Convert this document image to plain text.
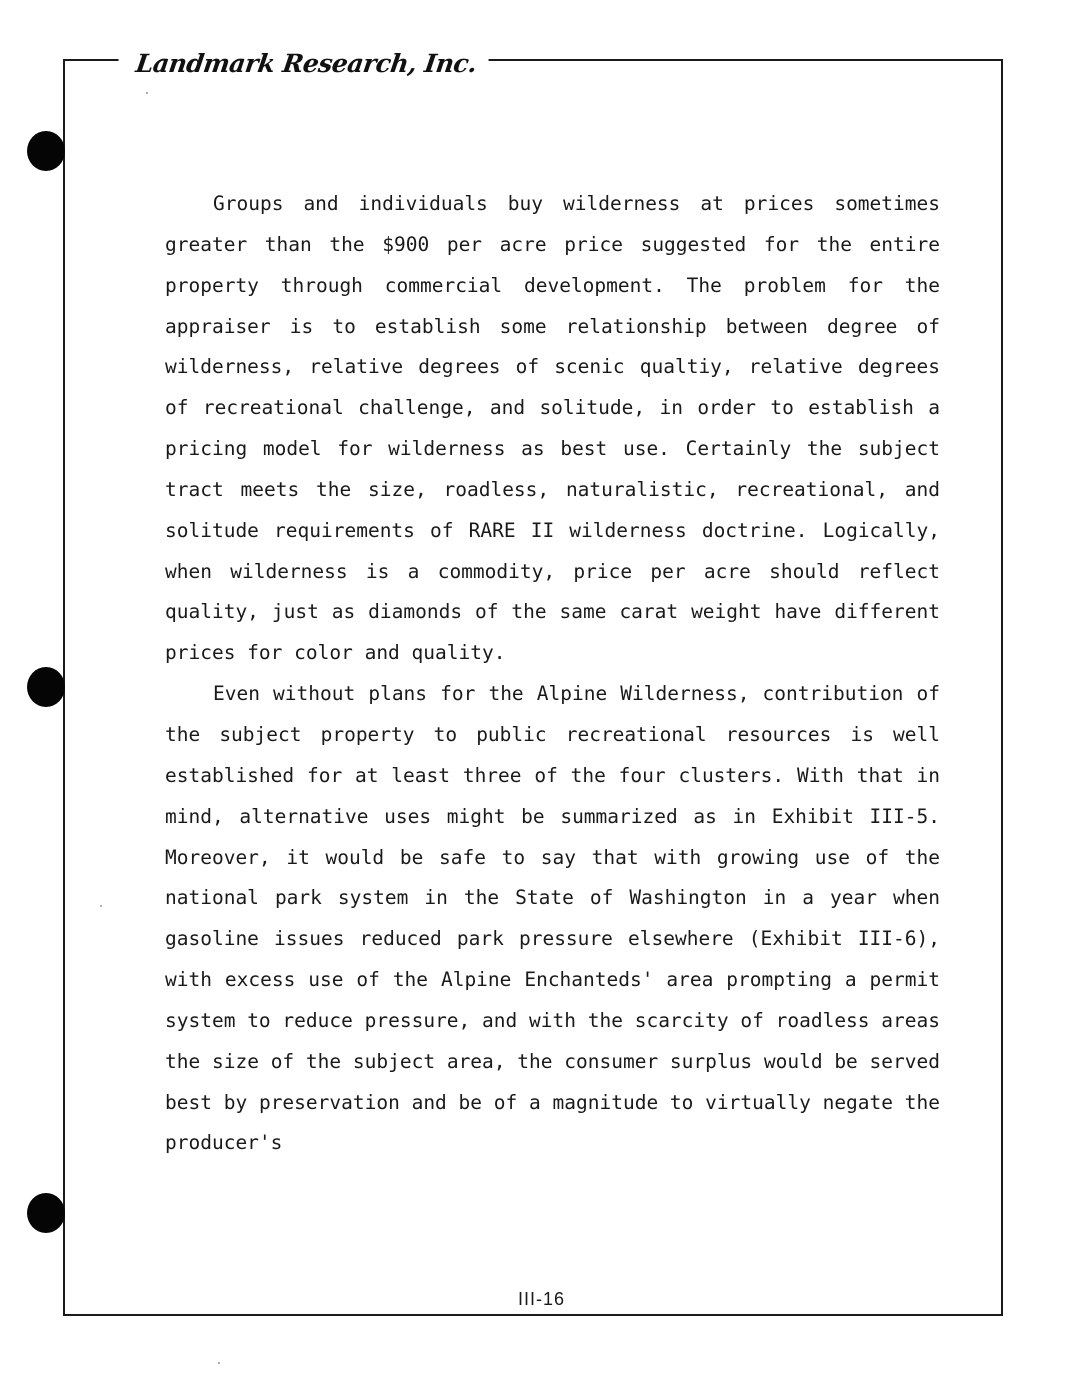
Landmark Research, Inc.

Groups and individuals buy wilderness at prices sometimes greater than the $900 per acre price suggested for the entire property through commercial development. The problem for the appraiser is to establish some relationship between degree of wilderness, relative degrees of scenic qualtiy, relative degrees of recreational challenge, and solitude, in order to establish a pricing model for wilderness as best use. Certainly the subject tract meets the size, roadless, naturalistic, recreational, and solitude requirements of RARE II wilderness doctrine. Logically, when wilderness is a commodity, price per acre should reflect quality, just as diamonds of the same carat weight have different prices for color and quality.

Even without plans for the Alpine Wilderness, contribution of the subject property to public recreational resources is well established for at least three of the four clusters. With that in mind, alternative uses might be summarized as in Exhibit III-5. Moreover, it would be safe to say that with growing use of the national park system in the State of Washington in a year when gasoline issues reduced park pressure elsewhere (Exhibit III-6), with excess use of the Alpine Enchanteds' area prompting a permit system to reduce pressure, and with the scarcity of roadless areas the size of the subject area, the consumer surplus would be served best by preservation and be of a magnitude to virtually negate the producer's

III-16
